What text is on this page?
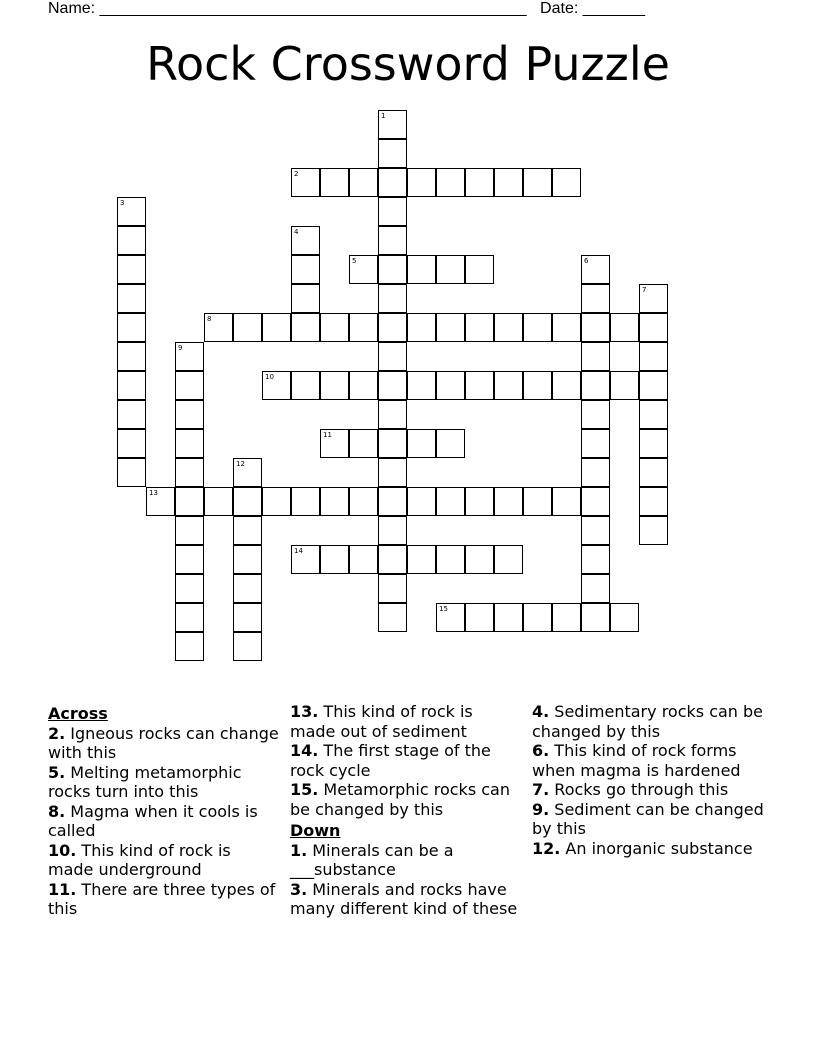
Name: ________________________________________________ Date: _______
Rock Crossword Puzzle
1
2
3
4
5	6
7
8
9
10
11
12
13
14
15
Across
2. Igneous rocks can change with this
5. Melting metamorphic rocks turn into this
8. Magma when it cools is called
10. This kind of rock is made underground
11. There are three types of this
13. This kind of rock is made out of sediment
14. The first stage of the rock cycle
15. Metamorphic rocks can be changed by this
Down
1. Minerals can be a ___substance
3. Minerals and rocks have many different kind of these
4. Sedimentary rocks can be changed by this
6. This kind of rock forms when magma is hardened
7. Rocks go through this
9. Sediment can be changed by this
12. An inorganic substance
